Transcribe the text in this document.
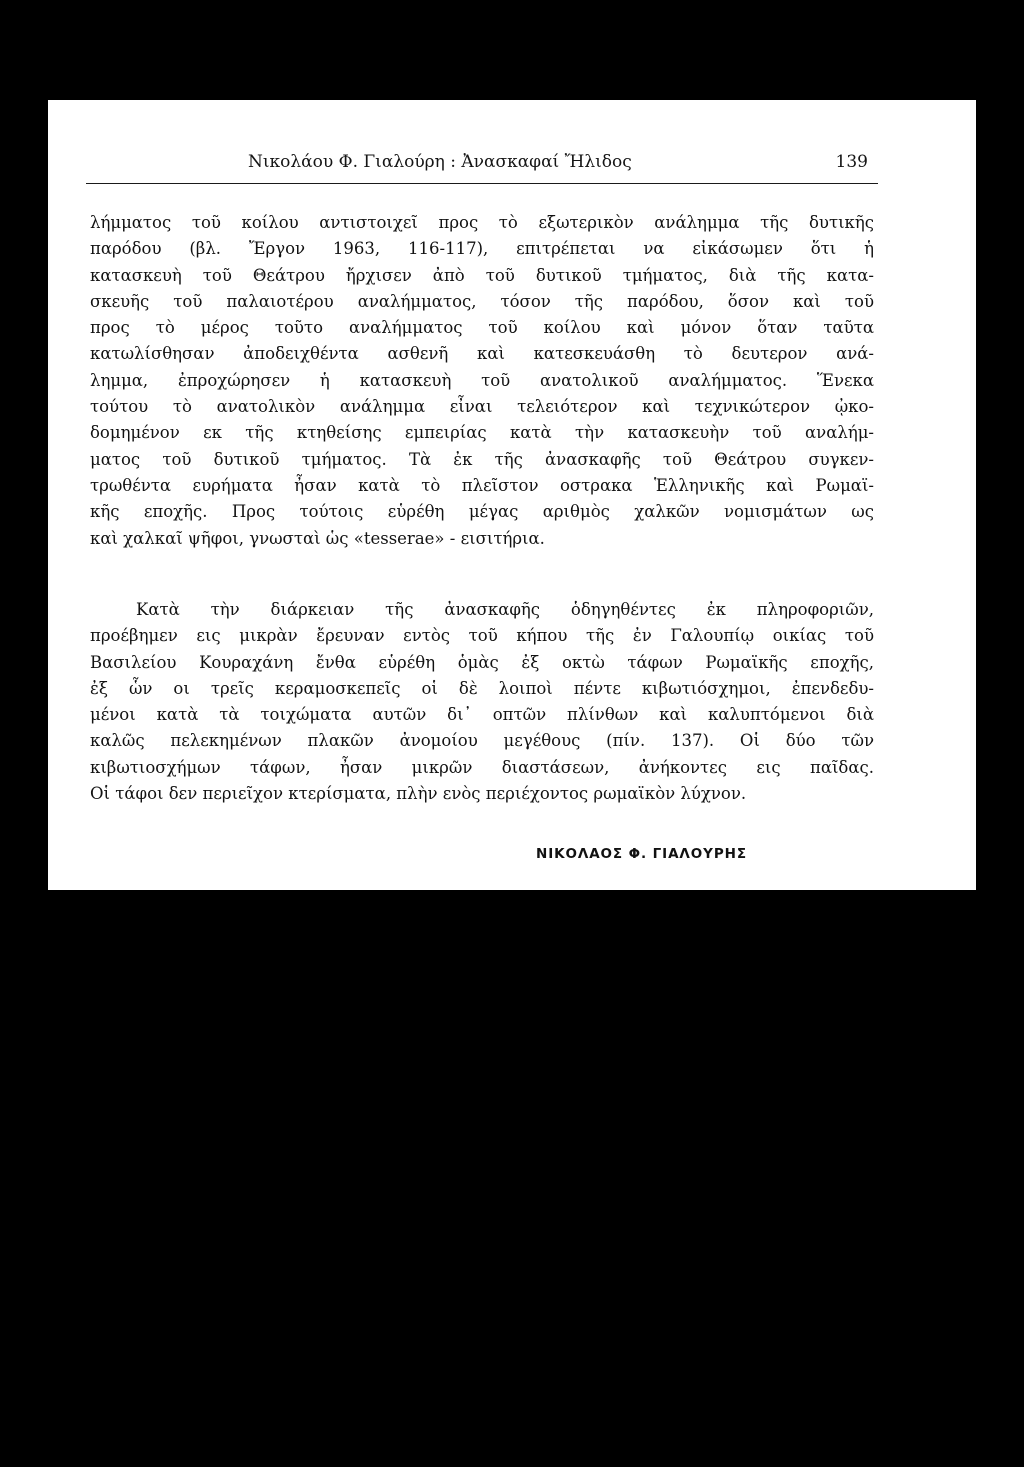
Νικολάου Φ. Γιαλούρη : Ἀνασκαφαί Ἤλιδος	139
λήμματος τοῦ κοίλου αντιστοιχεῖ προς τὸ εξωτερικὸν ανάλημμα τῆς δυτικῆς
παρόδου (βλ. Ἔργον 1963, 116-117), επιτρέπεται να εἰκάσωμεν ὅτι ἡ
κατασκευὴ τοῦ Θεάτρου ἤρχισεν ἀπὸ τοῦ δυτικοῦ τμήματος, διὰ τῆς κατα-
σκευῆς τοῦ παλαιοτέρου αναλήμματος, τόσον τῆς παρόδου, ὅσον καὶ τοῦ
προς τὸ μέρος τοῦτο αναλήμματος τοῦ κοίλου καὶ μόνον ὅταν ταῦτα
κατωλίσθησαν ἀποδειχθέντα ασθενῆ καὶ κατεσκευάσθη τὸ δευτερον ανά-
λημμα, ἐπροχώρησεν ἡ κατασκευὴ τοῦ ανατολικοῦ αναλήμματος. Ἕνεκα
τούτου τὸ ανατολικὸν ανάλημμα εἶναι τελειότερον καὶ τεχνικώτερον ᾠκο-
δομημένον εκ τῆς κτηθείσης εμπειρίας κατὰ τὴν κατασκευὴν τοῦ αναλήμ-
ματος τοῦ δυτικοῦ τμήματος. Τὰ ἐκ τῆς ἀνασκαφῆς τοῦ Θεάτρου συγκεν-
τρωθέντα ευρήματα ἦσαν κατὰ τὸ πλεῖστον οστρακα Ἑλληνικῆς καὶ Ρωμαϊ-
κῆς εποχῆς. Προς τούτοις εὑρέθη μέγας αριθμὸς χαλκῶν νομισμάτων ως
καὶ χαλκαῖ ψῆφοι, γνωσταὶ ὡς «tesserae» - εισιτήρια.
Κατὰ τὴν διάρκειαν τῆς ἀνασκαφῆς ὁδηγηθέντες ἐκ πληροφοριῶν,
προέβημεν εις μικρὰν ἔρευναν εντὸς τοῦ κήπου τῆς ἐν Γαλουπίῳ οικίας τοῦ
Βασιλείου Κουραχάνη ἔνθα εὑρέθη ὁμὰς ἐξ οκτὼ τάφων Ρωμαϊκῆς εποχῆς,
ἐξ ὧν οι τρεῖς κεραμοσκεπεῖς οἱ δὲ λοιποὶ πέντε κιβωτιόσχημοι, ἐπενδεδυ-
μένοι κατὰ τὰ τοιχώματα αυτῶν δι᾽ οπτῶν πλίνθων καὶ καλυπτόμενοι διὰ
καλῶς πελεκημένων πλακῶν ἀνομοίου μεγέθους (πίν. 137). Οἱ δύο τῶν
κιβωτιοσχήμων τάφων, ἦσαν μικρῶν διαστάσεων, ἀνήκοντες εις παῖδας.
Οἱ τάφοι δεν περιεῖχον κτερίσματα, πλὴν ενὸς περιέχοντος ρωμαϊκὸν λύχνον.
ΝΙΚΟΛΑΟΣ Φ. ΓΙΑΛΟΥΡΗΣ
